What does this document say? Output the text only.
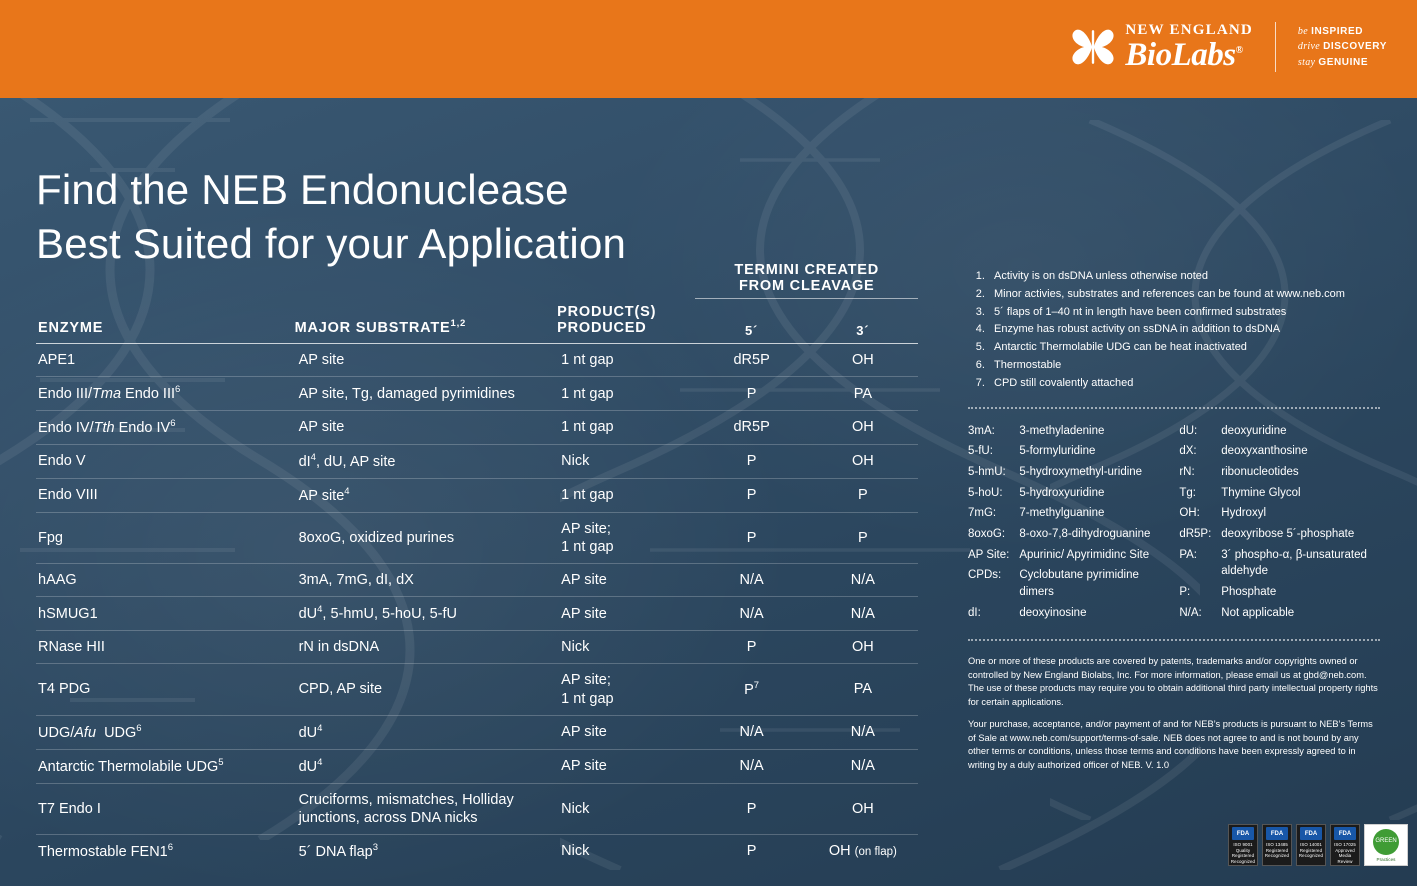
NEW ENGLAND
BioLabs®
be INSPIRED
drive DISCOVERY
stay GENUINE
Find the NEB Endonuclease
Best Suited for your Application

			TERMINI CREATED
FROM CLEAVAGE	

ENZYME	MAJOR SUBSTRATE$^{1,2}$	PRODUCT(S)
PRODUCED	5´	3´

APE1	AP site	1 nt gap	dR5P	OH
Endo III/Tma Endo III$^6$	AP site, Tg, damaged pyrimidines	1 nt gap	P	PA
Endo IV/Tth Endo $IV^6$	AP site	1 nt gap	dR5P	OH
Endo V	$dI^4$, dU, AP site	Nick	P	OH
Endo VIII	AP site$^4$	1 nt gap	P	P
Fpg	8oxoG, oxidized purines	AP site;
1 nt gap	P	P
hAAG	3mA, 7mG, dI, dX	AP site	N/A	N/A
hSMUG1	$dU^4$, 5-hmU, 5-hoU, 5-fU	AP site	N/A	N/A
RNase HII	rN in dsDNA	Nick	P	OH
T4 PDG	CPD, AP site	AP site;
1 nt gap	$P^7$	PA
UDG/Afu  UDG$^6$	$dU^4$	AP site	N/A	N/A
Antarctic Thermolabile UDG$^5$	$dU^4$	AP site	N/A	N/A
T7 Endo I	Cruciforms, mismatches, Holliday
junctions, across DNA nicks	Nick	P	OH
Thermostable $FEN1^6$	5´ DNA flap$^3$	Nick	P	OH (on flap)
1. Activity is on dsDNA unless otherwise noted
2. Minor activies, substrates and references can be found at www.neb.com
3. 5´ flaps of 1–40 nt in length have been confirmed substrates
4. Enzyme has robust activity on ssDNA in addition to dsDNA
5. Antarctic Thermolabile UDG can be heat inactivated
6. Thermostable
7. CPD still covalently attached
3mA:	3-methyladenine
5-fU:	5-formyluridine
5-hmU:	5-hydroxymethyl-uridine
5-hoU:	5-hydroxyuridine
7mG:	7-methylguanine
8oxoG:	8-oxo-7,8-dihydroguanine
AP Site:	Apurinic/ Apyrimidinc Site
CPDs:	Cyclobutane pyrimidine dimers
dI:	deoxyinosine
dU:	deoxyuridine
dX:	deoxyxanthosine
rN:	ribonucleotides
Tg:	Thymine Glycol
OH:	Hydroxyl
dR5P:	deoxyribose 5´-phosphate
PA:	3´ phospho-α, β-unsaturated aldehyde
P:	Phosphate
N/A:	Not applicable

One or more of these products are covered by patents, trademarks and/or copyrights owned or controlled by New England Biolabs, Inc. For more information, please email us at gbd@neb.com. The use of these products may require you to obtain additional third party intellectual property rights for certain applications.

Your purchase, acceptance, and/or payment of and for NEB’s products is pursuant to NEB’s Terms of Sale at www.neb.com/support/terms-of-sale. NEB does not agree to and is not bound by any other terms or conditions, unless those terms and conditions have been expressly agreed to in writing by a duly authorized officer of NEB. V. 1.0

FDA
ISO 9001 Quality Registered Recognized
FDA
ISO 13485 Registered Recognized
FDA
ISO 14001 Registered Recognized
FDA
ISO 17025 Approved Media Review
GREEN
Practices
